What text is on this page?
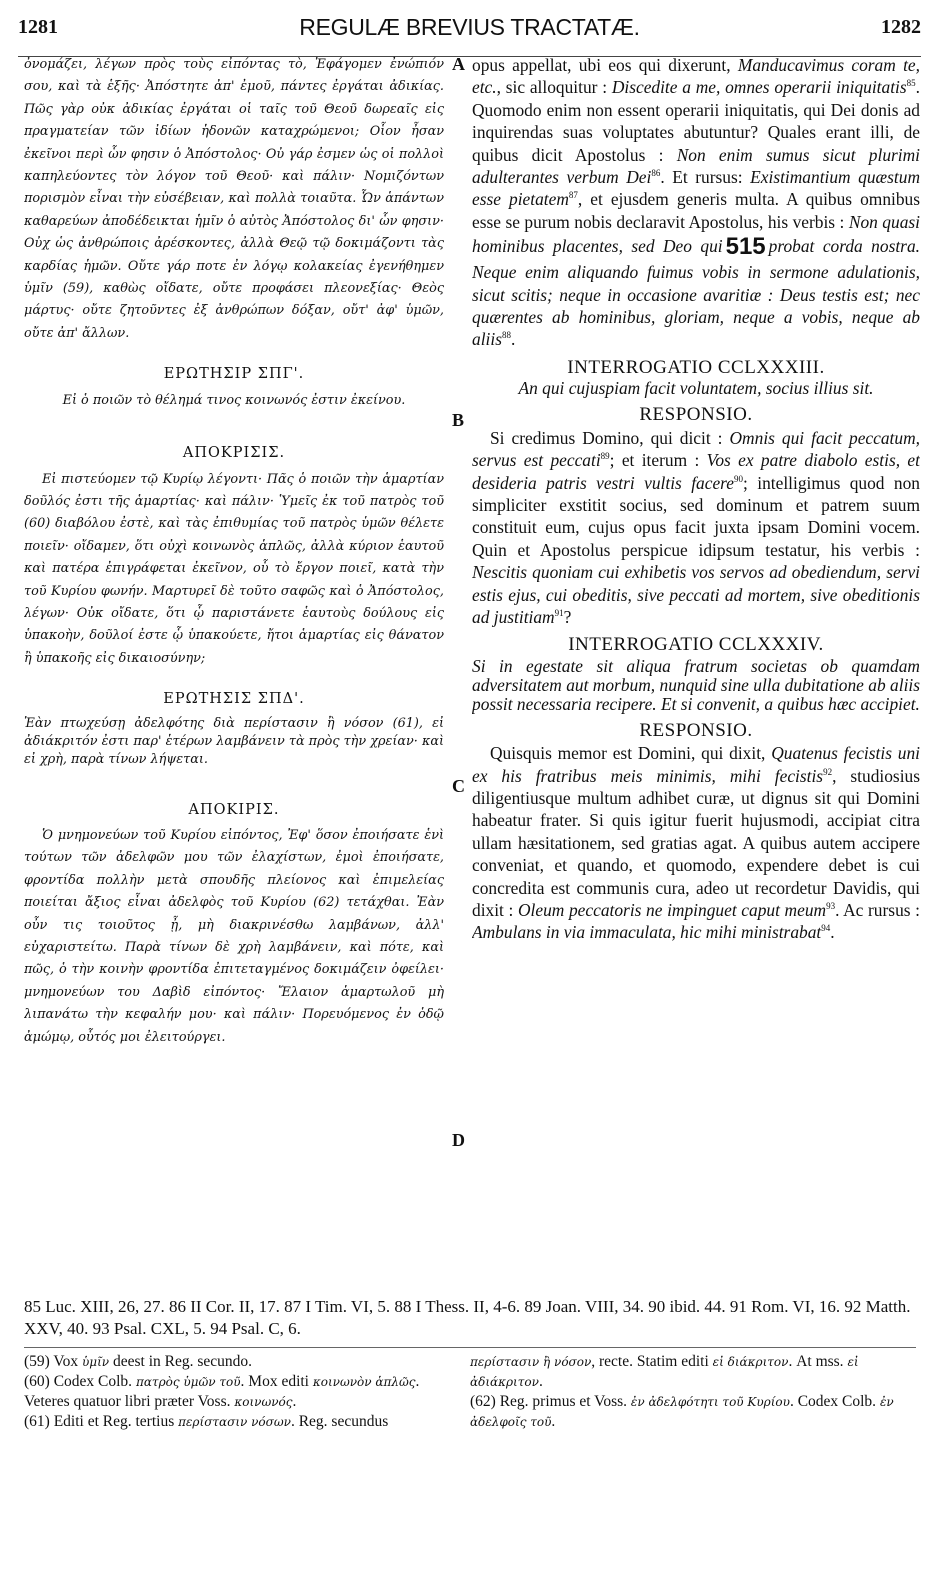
1281	REGULÆ BREVIUS TRACTATÆ.	1282

ὀνομάζει, λέγων πρὸς τοὺς εἰπόντας τὸ, Ἐφάγομεν ἐνώπιόν σου, καὶ τὰ ἑξῆς· Ἀπόστητε ἀπ' ἐμοῦ, πάντες ἐργάται ἀδικίας. Πῶς γὰρ οὐκ ἀδικίας ἐργάται οἱ ταῖς τοῦ Θεοῦ δωρεαῖς εἰς πραγματείαν τῶν ἰδίων ἡδονῶν καταχρώμενοι; Οἷον ἦσαν ἐκεῖνοι περὶ ὧν φησιν ὁ Ἀπόστολος· Οὐ γάρ ἐσμεν ὡς οἱ πολλοὶ καπηλεύοντες τὸν λόγον τοῦ Θεοῦ· καὶ πάλιν· Νομιζόντων πορισμὸν εἶναι τὴν εὐσέβειαν, καὶ πολλὰ τοιαῦτα. Ὧν ἁπάντων καθαρεύων ἀποδέδεικται ἡμῖν ὁ αὐτὸς Ἀπόστολος δι' ὧν φησιν· Οὐχ ὡς ἀνθρώποις ἀρέσκοντες, ἀλλὰ Θεῷ τῷ δοκιμάζοντι τὰς καρδίας ἡμῶν. Οὔτε γάρ ποτε ἐν λόγῳ κολακείας ἐγενήθημεν ὑμῖν (59), καθὼς οἴδατε, οὔτε προφάσει πλεονεξίας· Θεὸς μάρτυς· οὔτε ζητοῦντες ἐξ ἀνθρώπων δόξαν, οὔτ' ἀφ' ὑμῶν, οὔτε ἀπ' ἄλλων.

ΕΡΩΤΗΣΙΡ ΣΠΓ'.

Εἰ ὁ ποιῶν τὸ θέλημά τινος κοινωνός ἐστιν ἐκείνου.

ΑΠΟΚΡΙΣΙΣ.

Εἰ πιστεύομεν τῷ Κυρίῳ λέγοντι· Πᾶς ὁ ποιῶν τὴν ἁμαρτίαν δοῦλός ἐστι τῆς ἁμαρτίας· καὶ πάλιν· Ὑμεῖς ἐκ τοῦ πατρὸς τοῦ (60) διαβόλου ἐστὲ, καὶ τὰς ἐπιθυμίας τοῦ πατρὸς ὑμῶν θέλετε ποιεῖν· οἴδαμεν, ὅτι οὐχὶ κοινωνὸς ἁπλῶς, ἀλλὰ κύριον ἑαυτοῦ καὶ πατέρα ἐπιγράφεται ἐκεῖνον, οὗ τὸ ἔργον ποιεῖ, κατὰ τὴν τοῦ Κυρίου φωνήν. Μαρτυρεῖ δὲ τοῦτο σαφῶς καὶ ὁ Ἀπόστολος, λέγων· Οὐκ οἴδατε, ὅτι ᾧ παριστάνετε ἑαυτοὺς δούλους εἰς ὑπακοὴν, δοῦλοί ἐστε ᾧ ὑπακούετε, ἤτοι ἁμαρτίας εἰς θάνατον ἢ ὑπακοῆς εἰς δικαιοσύνην;

ΕΡΩΤΗΣΙΣ ΣΠΔ'.

Ἐὰν πτωχεύσῃ ἀδελφότης διὰ περίστασιν ἢ νόσον (61), εἰ ἀδιάκριτόν ἐστι παρ' ἑτέρων λαμβάνειν τὰ πρὸς τὴν χρείαν· καὶ εἰ χρὴ, παρὰ τίνων λήψεται.

ΑΠΟΚΙΡΙΣ.

Ὁ μνημονεύων τοῦ Κυρίου εἰπόντος, Ἐφ' ὅσον ἐποιήσατε ἑνὶ τούτων τῶν ἀδελφῶν μου τῶν ἐλαχίστων, ἐμοὶ ἐποιήσατε, φροντίδα πολλὴν μετὰ σπουδῆς πλείονος καὶ ἐπιμελείας ποιείται ἄξιος εἶναι ἀδελφὸς τοῦ Κυρίου (62) τετάχθαι. Ἐὰν οὖν τις τοιοῦτος ᾖ, μὴ διακρινέσθω λαμβάνων, ἀλλ' εὐχαριστείτω. Παρὰ τίνων δὲ χρὴ λαμβάνειν, καὶ πότε, καὶ πῶς, ὁ τὴν κοινὴν φροντίδα ἐπιτεταγμένος δοκιμάζειν ὀφείλει· μνημονεύων του Δαβὶδ εἰπόντος· Ἔλαιον ἁμαρτωλοῦ μὴ λιπανάτω τὴν κεφαλήν μου· καὶ πάλιν· Πορευόμενος ἐν ὁδῷ ἀμώμῳ, οὗτός μοι ἐλειτούργει.

A
B
C
D

opus appellat, ubi eos qui dixerunt, Manducavimus coram te, etc., sic alloquitur : Discedite a me, omnes operarii iniquitatis$^{85}$. Quomodo enim non essent operarii iniquitatis, qui Dei donis ad inquirendas suas voluptates abutuntur? Quales erant illi, de quibus dicit Apostolus : Non enim sumus sicut plurimi adulterantes verbum Dei$^{86}$. Et rursus: Existimantium quæstum esse pietatem$^{87}$, et ejusdem generis multa. A quibus omnibus esse se purum nobis declaravit Apostolus, his verbis : Non quasi hominibus placentes, sed Deo qui 515 probat corda nostra. Neque enim aliquando fuimus vobis in sermone adulationis, sicut scitis; neque in occasione avaritiæ : Deus testis est; nec quærentes ab hominibus, gloriam, neque a vobis, neque ab aliis$^{88}$.

INTERROGATIO CCLXXXIII.

An qui cujuspiam facit voluntatem, socius illius sit.

RESPONSIO.

Si credimus Domino, qui dicit : Omnis qui facit peccatum, servus est peccati$^{89}$; et iterum : Vos ex patre diabolo estis, et desideria patris vestri vultis facere$^{90}$; intelligimus quod non simpliciter exstitit socius, sed dominum et patrem suum constituit eum, cujus opus facit juxta ipsam Domini vocem. Quin et Apostolus perspicue idipsum testatur, his verbis : Nescitis quoniam cui exhibetis vos servos ad obediendum, servi estis ejus, cui obeditis, sive peccati ad mortem, sive obeditionis ad justitiam$^{91}$?

INTERROGATIO CCLXXXIV.

Si in egestate sit aliqua fratrum societas ob quamdam adversitatem aut morbum, nunquid sine ulla dubitatione ab aliis possit necessaria recipere. Et si convenit, a quibus hæc accipiet.

RESPONSIO.

Quisquis memor est Domini, qui dixit, Quatenus fecistis uni ex his fratribus meis minimis, mihi fecistis$^{92}$, studiosius diligentiusque multum adhibet curæ, ut dignus sit qui Domini habeatur frater. Si quis igitur fuerit hujusmodi, accipiat citra ullam hæsitationem, sed gratias agat. A quibus autem accipere conveniat, et quando, et quomodo, expendere debet is cui concredita est communis cura, adeo ut recordetur Davidis, qui dixit : Oleum peccatoris ne impinguet caput meum$^{93}$. Ac rursus : Ambulans in via immaculata, hic mihi ministrabat$^{94}$.

85 Luc. XIII, 26, 27. 86 II Cor. II, 17. 87 I Tim. VI, 5. 88 I Thess. II, 4-6. 89 Joan. VIII, 34. 90 ibid. 44. 91 Rom. VI, 16. 92 Matth. XXV, 40. 93 Psal. CXL, 5. 94 Psal. C, 6.

(59) Vox ὑμῖν deest in Reg. secundo.

(60) Codex Colb. πατρὸς ὑμῶν τοῦ. Mox editi κοινωνὸν ἁπλῶς. Veteres quatuor libri præter Voss. κοινωνός.

(61) Editi et Reg. tertius περίστασιν νόσων. Reg. secundus

περίστασιν ἢ νόσον, recte. Statim editi εἰ διάκριτον. At mss. εἰ ἀδιάκριτον.

(62) Reg. primus et Voss. ἐν ἀδελφότητι τοῦ Κυρίου. Codex Colb. ἐν ἀδελφοῖς τοῦ.
